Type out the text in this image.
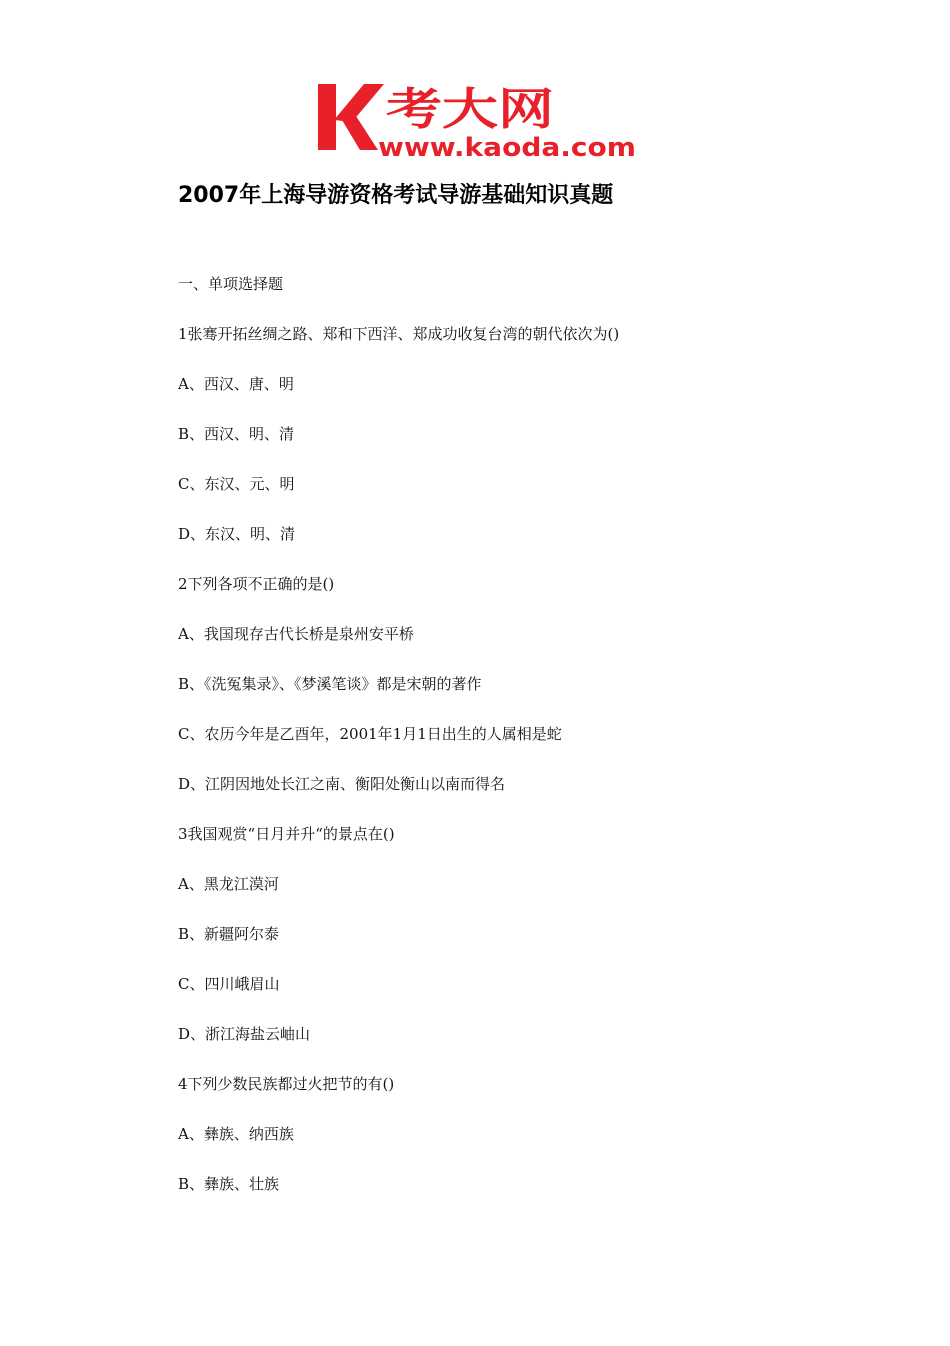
考大网
www.kaoda.com
2007年上海导游资格考试导游基础知识真题
一、单项选择题
1张骞开拓丝绸之路、郑和下西洋、郑成功收复台湾的朝代依次为()
A、西汉、唐、明
B、西汉、明、清
C、东汉、元、明
D、东汉、明、清
2下列各项不正确的是()
A、我国现存古代长桥是泉州安平桥
B、《洗冤集录》、《梦溪笔谈》都是宋朝的著作
C、农历今年是乙酉年，2001年1月1日出生的人属相是蛇
D、江阴因地处长江之南、衡阳处衡山以南而得名
3我国观赏“日月并升“的景点在()
A、黑龙江漠河
B、新疆阿尔泰
C、四川峨眉山
D、浙江海盐云岫山
4下列少数民族都过火把节的有()
A、彝族、纳西族
B、彝族、壮族
